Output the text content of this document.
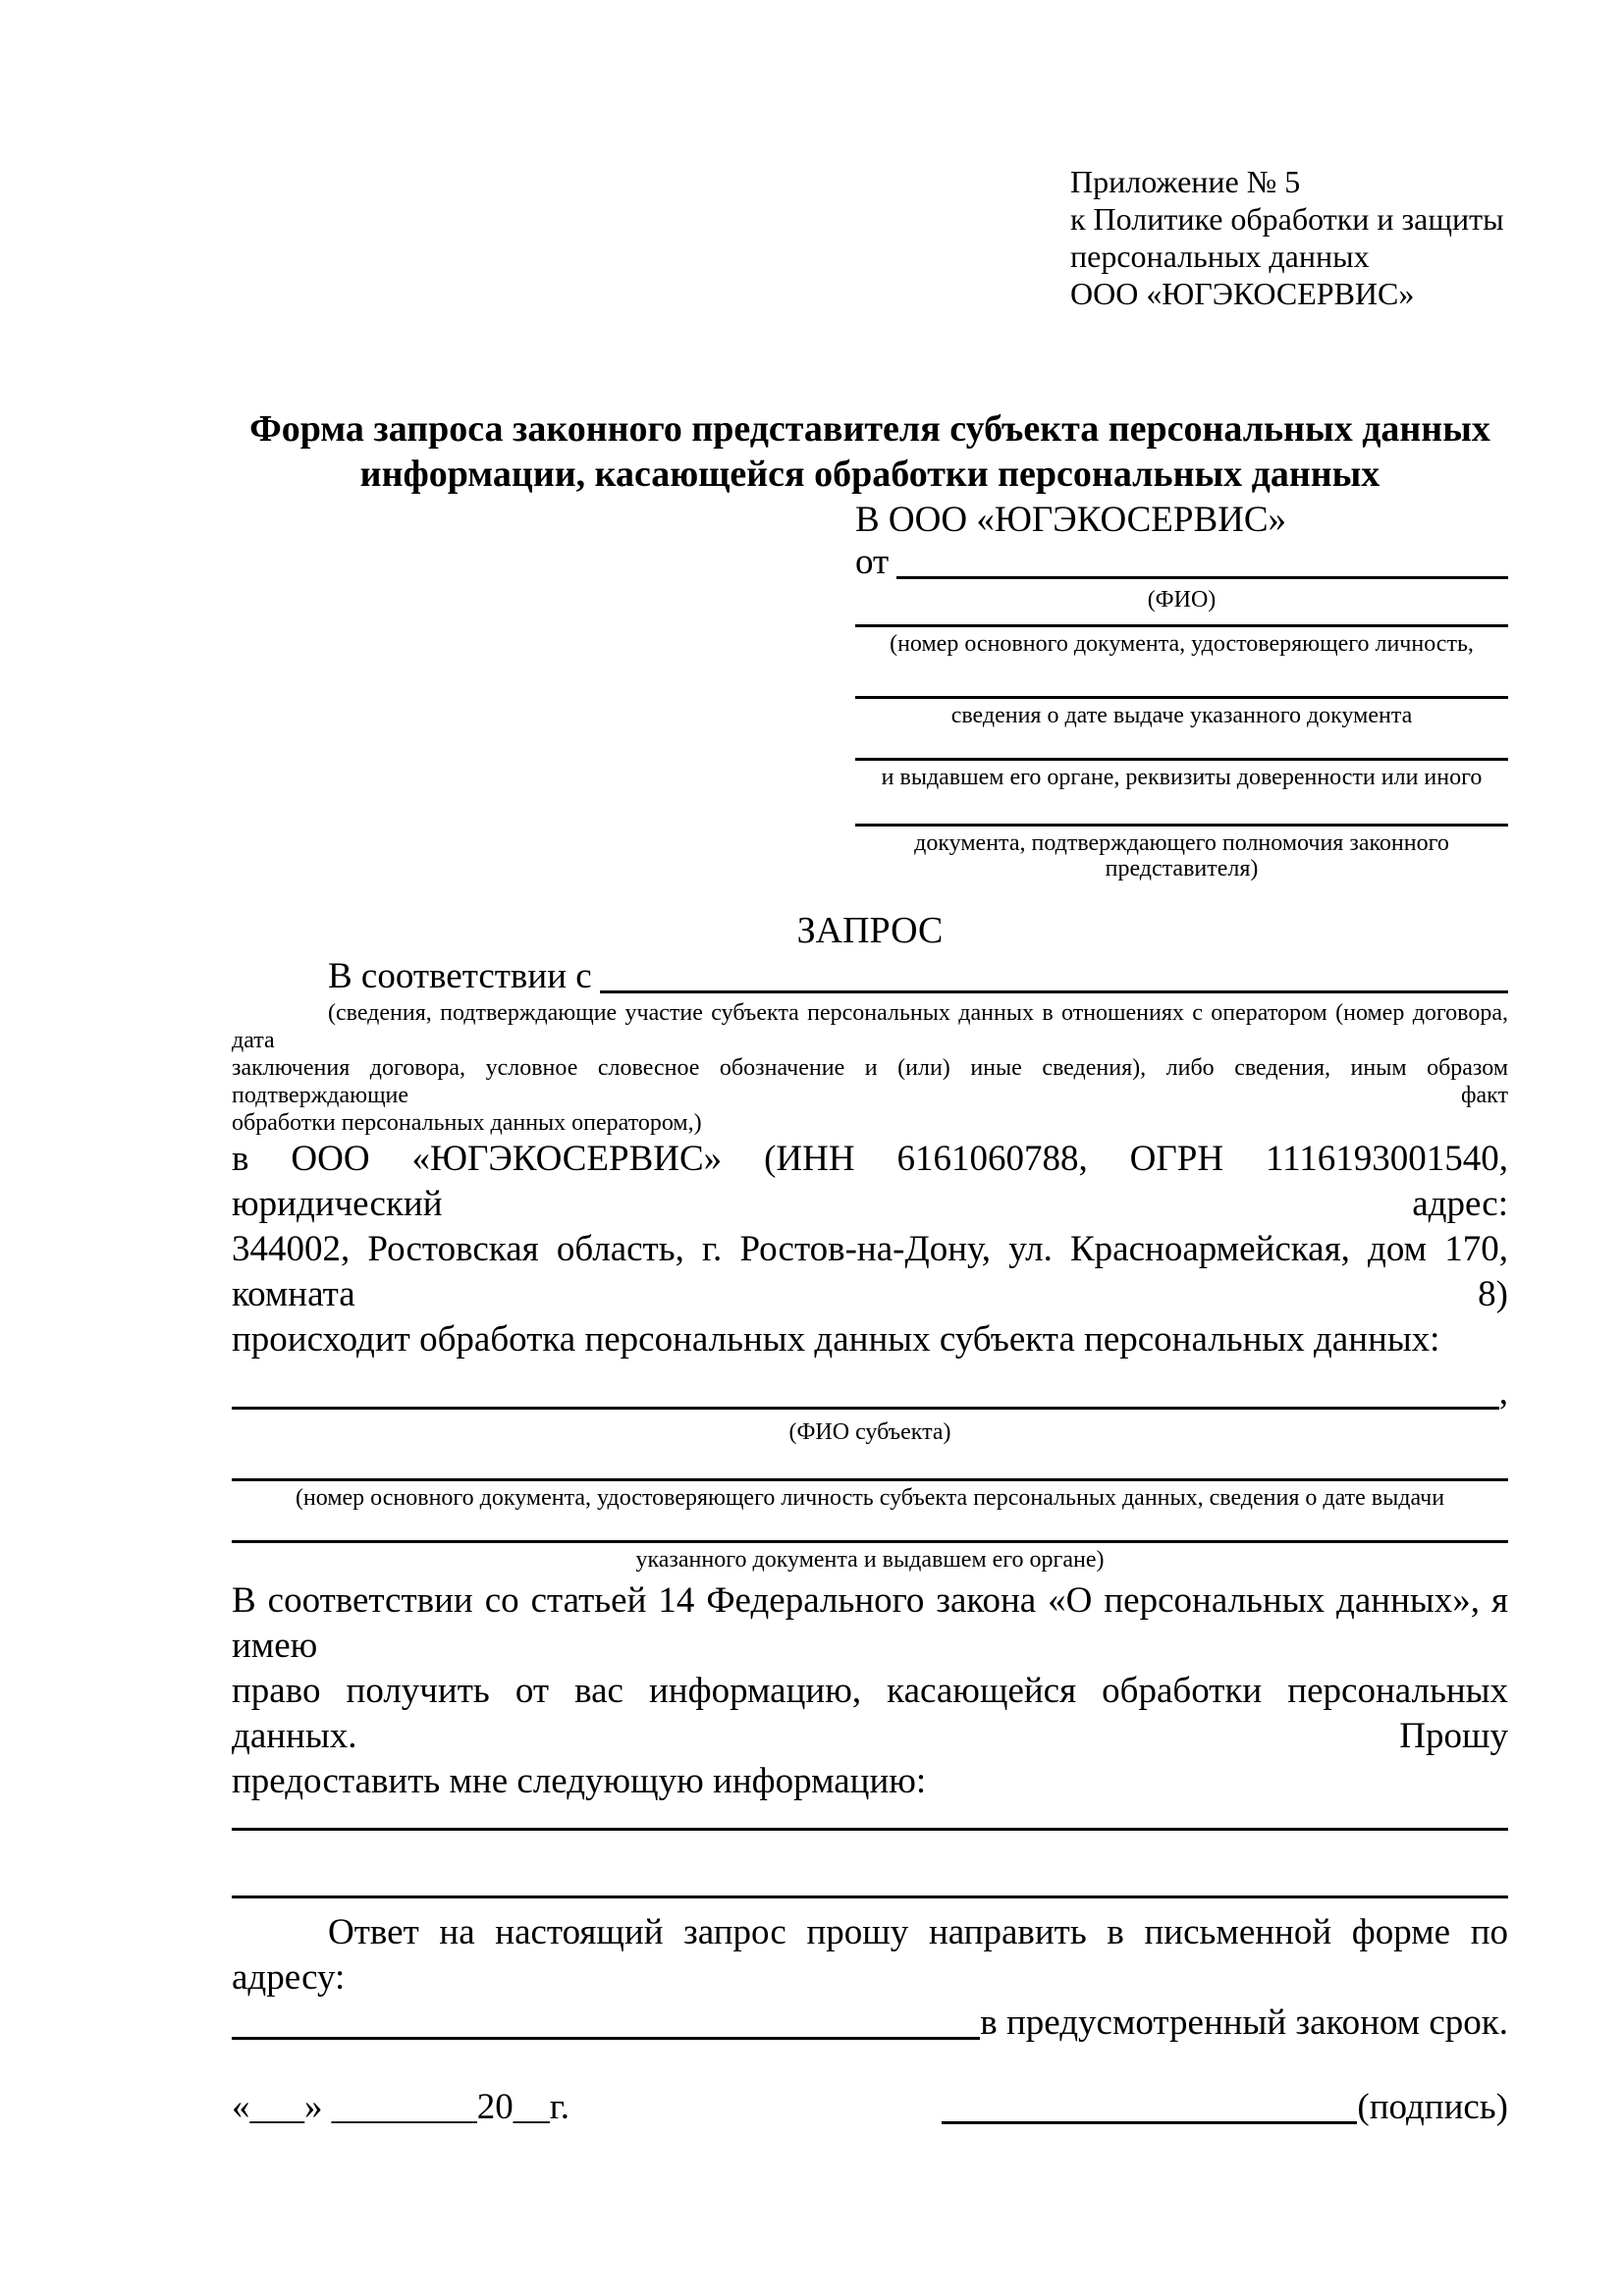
Приложение № 5
к Политике обработки и защиты
персональных данных
ООО «ЮГЭКОСЕРВИС»
Форма запроса законного представителя субъекта персональных данных
информации, касающейся обработки персональных данных
В ООО «ЮГЭКОСЕРВИС»
от
(ФИО)
(номер основного документа, удостоверяющего личность,
сведения о дате выдаче указанного документа
и выдавшем его органе, реквизиты доверенности или иного
документа, подтверждающего полномочия законного представителя)
ЗАПРОС
В соответствии с
(сведения, подтверждающие участие субъекта персональных данных в отношениях с оператором (номер договора, дата
заключения договора, условное словесное обозначение и (или) иные сведения), либо сведения, иным образом подтверждающие факт
обработки персональных данных оператором,)
в ООО «ЮГЭКОСЕРВИС» (ИНН 6161060788, ОГРН 1116193001540, юридический адрес:
344002, Ростовская область, г. Ростов-на-Дону, ул. Красноармейская, дом 170, комната 8)
происходит обработка персональных данных субъекта персональных данных:
,
(ФИО субъекта)
(номер основного документа, удостоверяющего личность субъекта персональных данных, сведения о дате выдачи
указанного документа и выдавшем его органе)
В соответствии со статьей 14 Федерального закона «О персональных данных», я имею
право получить от вас информацию, касающейся обработки персональных данных. Прошу
предоставить мне следующую информацию:
Ответ на настоящий запрос прошу направить в письменной форме по адресу:
в предусмотренный законом срок.
«___» ________20__г.	(подпись)
